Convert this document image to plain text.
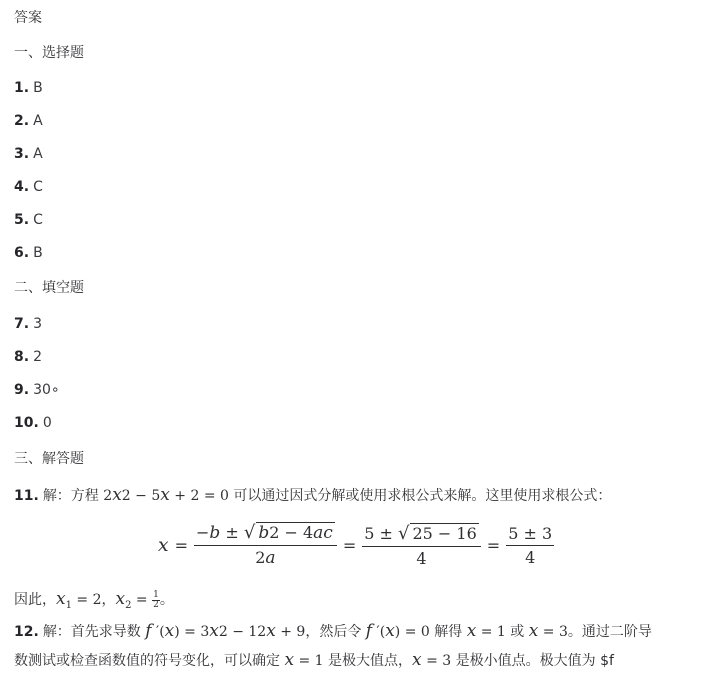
答案
一、选择题
1. B
2. A
3. A
4. C
5. C
6. B
二、填空题
7. 3
8. 2
9. 30∘
10. 0
三、解答题
11. 解：方程 2x2 − 5x + 2 = 0 可以通过因式分解或使用求根公式来解。这里使用求根公式：
$x = \frac{-b \pm √ b2 - 4ac}{2a} = \frac{5 \pm √ 25 - 16}{4} = \frac{5 \pm 3}{4}$
因此，$x_1 = 2$，$x_2 = \frac{1}{2}$ 。
12. 解：首先求导数 f ′(x) = 3x2 − 12x + 9，然后令 f ′(x) = 0 解得 x = 1 或 x = 3。通过二阶导
数测试或检查函数值的符号变化，可以确定 x = 1 是极大值点，x = 3 是极小值点。极大值为 $f
